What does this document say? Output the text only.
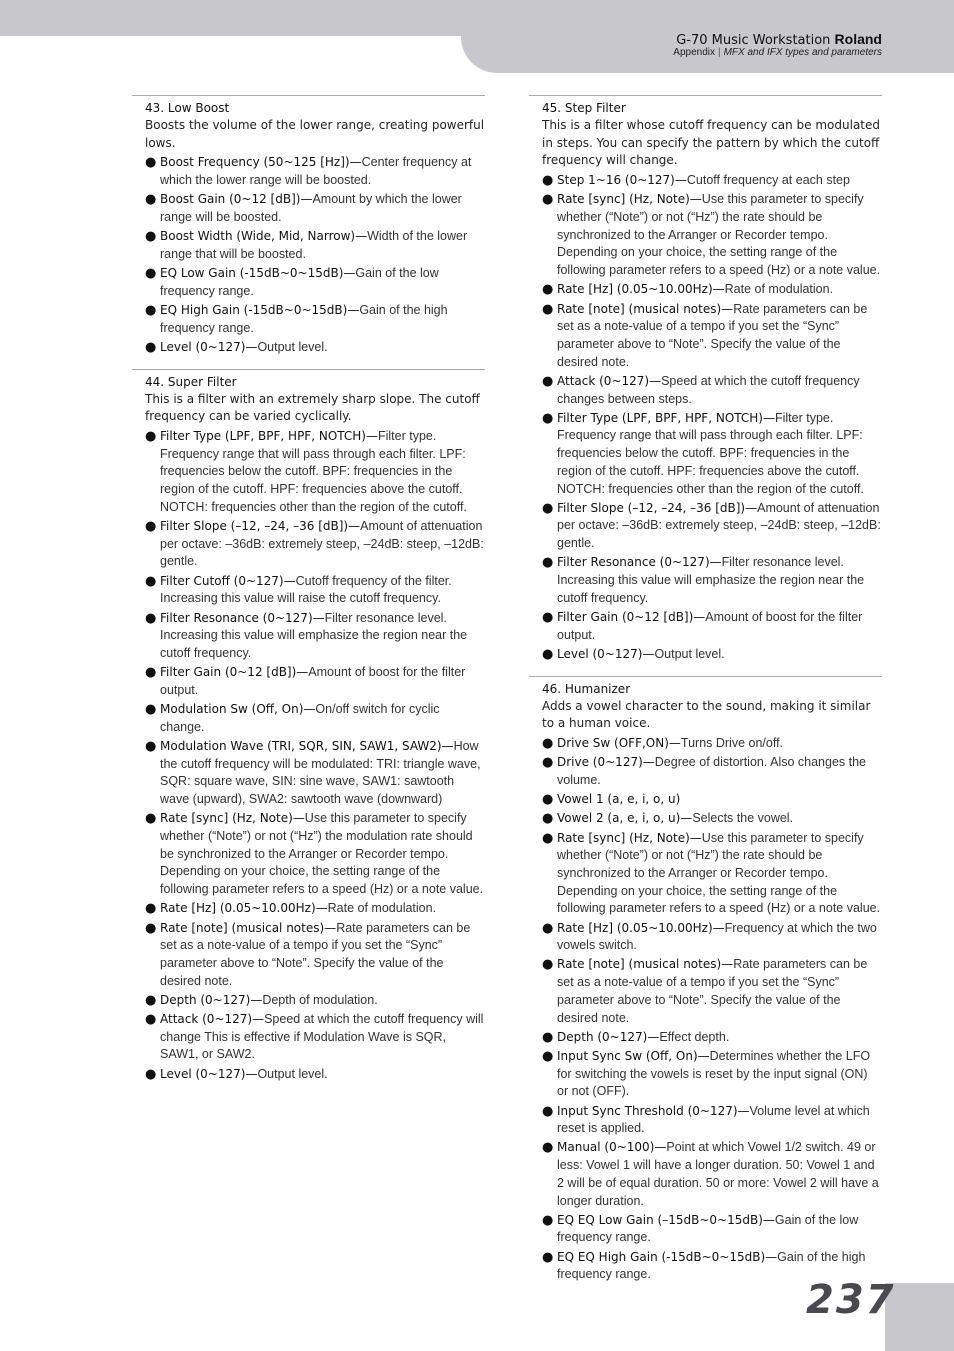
G-70 Music Workstation Roland
Appendix | MFX and IFX types and parameters
43. Low Boost

Boosts the volume of the lower range, creating powerful lows.

● Boost Frequency (50~125 [Hz])—Center frequency at which the lower range will be boosted.
● Boost Gain (0~12 [dB])—Amount by which the lower range will be boosted.
● Boost Width (Wide, Mid, Narrow)—Width of the lower range that will be boosted.
● EQ Low Gain (-15dB~0~15dB)—Gain of the low frequency range.
● EQ High Gain (-15dB~0~15dB)—Gain of the high frequency range.
● Level (0~127)—Output level.
44. Super Filter

This is a filter with an extremely sharp slope. The cutoff frequency can be varied cyclically.

● Filter Type (LPF, BPF, HPF, NOTCH)—Filter type. Frequency range that will pass through each filter. LPF: frequencies below the cutoff. BPF: frequencies in the region of the cutoff. HPF: frequencies above the cutoff. NOTCH: frequencies other than the region of the cutoff.
● Filter Slope (–12, –24, –36 [dB])—Amount of attenuation per octave: –36dB: extremely steep, –24dB: steep, –12dB: gentle.
● Filter Cutoff (0~127)—Cutoff frequency of the filter. Increasing this value will raise the cutoff frequency.
● Filter Resonance (0~127)—Filter resonance level. Increasing this value will emphasize the region near the cutoff frequency.
● Filter Gain (0~12 [dB])—Amount of boost for the filter output.
● Modulation Sw (Off, On)—On/off switch for cyclic change.
● Modulation Wave (TRI, SQR, SIN, SAW1, SAW2)—How the cutoff frequency will be modulated: TRI: triangle wave, SQR: square wave, SIN: sine wave, SAW1: sawtooth wave (upward), SWA2: sawtooth wave (downward)
● Rate [sync] (Hz, Note)—Use this parameter to specify whether (“Note”) or not (“Hz”) the modulation rate should be synchronized to the Arranger or Recorder tempo. Depending on your choice, the setting range of the following parameter refers to a speed (Hz) or a note value.
● Rate [Hz] (0.05~10.00Hz)—Rate of modulation.
● Rate [note] (musical notes)—Rate parameters can be set as a note-value of a tempo if you set the “Sync” parameter above to “Note”. Specify the value of the desired note.
● Depth (0~127)—Depth of modulation.
● Attack (0~127)—Speed at which the cutoff frequency will change This is effective if Modulation Wave is SQR, SAW1, or SAW2.
● Level (0~127)—Output level.
45. Step Filter

This is a filter whose cutoff frequency can be modulated in steps. You can specify the pattern by which the cutoff frequency will change.

● Step 1~16 (0~127)—Cutoff frequency at each step
● Rate [sync] (Hz, Note)—Use this parameter to specify whether (“Note”) or not (“Hz”) the rate should be synchronized to the Arranger or Recorder tempo. Depending on your choice, the setting range of the following parameter refers to a speed (Hz) or a note value.
● Rate [Hz] (0.05~10.00Hz)—Rate of modulation.
● Rate [note] (musical notes)—Rate parameters can be set as a note-value of a tempo if you set the “Sync” parameter above to “Note”. Specify the value of the desired note.
● Attack (0~127)—Speed at which the cutoff frequency changes between steps.
● Filter Type (LPF, BPF, HPF, NOTCH)—Filter type. Frequency range that will pass through each filter. LPF: frequencies below the cutoff. BPF: frequencies in the region of the cutoff. HPF: frequencies above the cutoff. NOTCH: frequencies other than the region of the cutoff.
● Filter Slope (–12, –24, –36 [dB])—Amount of attenuation per octave: –36dB: extremely steep, –24dB: steep, –12dB: gentle.
● Filter Resonance (0~127)—Filter resonance level. Increasing this value will emphasize the region near the cutoff frequency.
● Filter Gain (0~12 [dB])—Amount of boost for the filter output.
● Level (0~127)—Output level.
46. Humanizer

Adds a vowel character to the sound, making it similar to a human voice.

● Drive Sw (OFF,ON)—Turns Drive on/off.
● Drive (0~127)—Degree of distortion. Also changes the volume.
● Vowel 1 (a, e, i, o, u)
● Vowel 2 (a, e, i, o, u)—Selects the vowel.
● Rate [sync] (Hz, Note)—Use this parameter to specify whether (“Note”) or not (“Hz”) the rate should be synchronized to the Arranger or Recorder tempo. Depending on your choice, the setting range of the following parameter refers to a speed (Hz) or a note value.
● Rate [Hz] (0.05~10.00Hz)—Frequency at which the two vowels switch.
● Rate [note] (musical notes)—Rate parameters can be set as a note-value of a tempo if you set the “Sync” parameter above to “Note”. Specify the value of the desired note.
● Depth (0~127)—Effect depth.
● Input Sync Sw (Off, On)—Determines whether the LFO for switching the vowels is reset by the input signal (ON) or not (OFF).
● Input Sync Threshold (0~127)—Volume level at which reset is applied.
● Manual (0~100)—Point at which Vowel 1/2 switch. 49 or less: Vowel 1 will have a longer duration. 50: Vowel 1 and 2 will be of equal duration. 50 or more: Vowel 2 will have a longer duration.
● EQ EQ Low Gain (–15dB~0~15dB)—Gain of the low frequency range.
● EQ EQ High Gain (-15dB~0~15dB)—Gain of the high frequency range.
237
